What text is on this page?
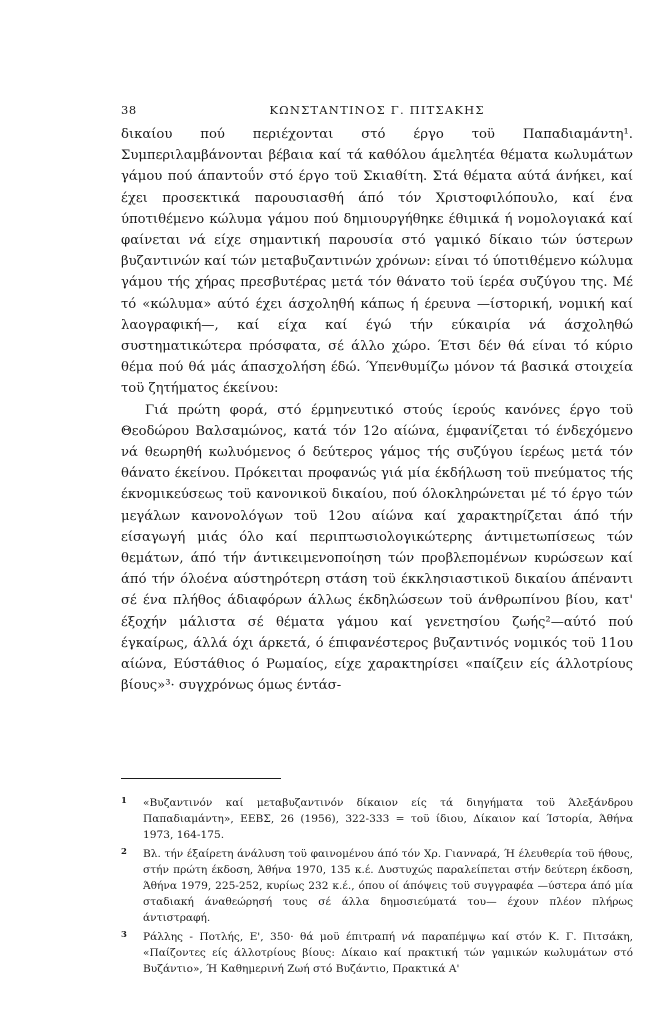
38	ΚΩΝΣΤΑΝΤΙΝΟΣ Γ. ΠΙΤΣΑΚΗΣ

δικαίου πού περιέχονται στό έργο τοϋ Παπαδιαμάντη¹. Συμπεριλαμβάνονται βέβαια καί τά καθόλου άμελητέα θέματα κωλυμάτων γάμου πού άπαντοΰν στό έργο τοϋ Σκιαθίτη. Στά θέματα αύτά άνήκει, καί έχει προσεκτικά παρουσιασθή άπό τόν Χριστοφιλόπουλο, καί ένα ύποτιθέμενο κώλυμα γάμου πού δημιουργήθηκε έθιμικά ή νομολογιακά καί φαίνεται νά είχε σημαντική παρουσία στό γαμικό δίκαιο τών ύστερων βυζαντινών καί τών μεταβυζαντινών χρόνων: είναι τό ύποτιθέμενο κώλυμα γάμου τής χήρας πρεσβυτέρας μετά τόν θάνατο τοϋ ίερέα συζύγου της. Μέ τό «κώλυμα» αύτό έχει άσχοληθή κάπως ή έρευνα —ίστορική, νομική καί λαογραφική—, καί είχα καί έγώ τήν εύκαιρία νά άσχοληθώ συστηματικώτερα πρόσφατα, σέ άλλο χώρο. Έτσι δέν θά είναι τό κύριο θέμα πού θά μάς άπασχολήση έδώ. Ύπενθυμίζω μόνον τά βασικά στοιχεία τοϋ ζητήματος έκείνου:

Γιά πρώτη φορά, στό έρμηνευτικό στούς ίερούς κανόνες έργο τοϋ Θεοδώρου Βαλσαμώνος, κατά τόν 12ο αίώνα, έμφανίζεται τό ένδεχόμενο νά θεωρηθή κωλυόμενος ό δεύτερος γάμος τής συζύγου ίερέως μετά τόν θάνατο έκείνου. Πρόκειται προφανώς γιά μία έκδήλωση τοϋ πνεύματος τής έκνομικεύσεως τοϋ κανονικοϋ δικαίου, πού όλοκληρώνεται μέ τό έργο τών μεγάλων κανονολόγων τοϋ 12ου αίώνα καί χαρακτηρίζεται άπό τήν είσαγωγή μιάς όλο καί περιπτωσιολογικώτερης άντιμετωπίσεως τών θεμάτων, άπό τήν άντικειμενοποίηση τών προβλεπομένων κυρώσεων καί άπό τήν όλοένα αύστηρότερη στάση τοϋ έκκλησιαστικοϋ δικαίου άπέναντι σέ ένα πλήθος άδιαφόρων άλλως έκδηλώσεων τοϋ άνθρωπίνου βίου, κατ' έξοχήν μάλιστα σέ θέματα γάμου καί γενετησίου ζωής²—αύτό πού έγκαίρως, άλλά όχι άρκετά, ό έπιφανέστερος βυζαντινός νομικός τοϋ 11ου αίώνα, Εύστάθιος ό Ρωμαίος, είχε χαρακτηρίσει «παίζειν είς άλλοτρίους βίους»³· συγχρόνως όμως έντάσ-

1 «Βυζαντινόν καί μεταβυζαντινόν δίκαιον είς τά διηγήματα τοϋ Άλεξάνδρου Παπαδιαμάντη», ΕΕΒΣ, 26 (1956), 322-333 = τοϋ ίδιου, Δίκαιον καί Ίστορία, Άθήνα 1973, 164-175.
2 Βλ. τήν έξαίρετη άνάλυση τοϋ φαινομένου άπό τόν Χρ. Γιανναρά, Ή έλευθερία τοϋ ήθους, στήν πρώτη έκδοση, Άθήνα 1970, 135 κ.έ. Δυστυχώς παραλείπεται στήν δεύτερη έκδοση, Άθήνα 1979, 225-252, κυρίως 232 κ.έ., όπου οί άπόψεις τοϋ συγγραφέα —ύστερα άπό μία σταδιακή άναθεώρησή τους σέ άλλα δημοσιεύματά του— έχουν πλέον πλήρως άντιστραφή.
3 Ράλλης - Ποτλής, Ε', 350· θά μοϋ έπιτραπή νά παραπέμψω καί στόν Κ. Γ. Πιτσάκη, «Παίζοντες είς άλλοτρίους βίους: Δίκαιο καί πρακτική τών γαμικών κωλυμάτων στό Βυζάντιο», Ή Καθημερινή Ζωή στό Βυζάντιο, Πρακτικά Α'
